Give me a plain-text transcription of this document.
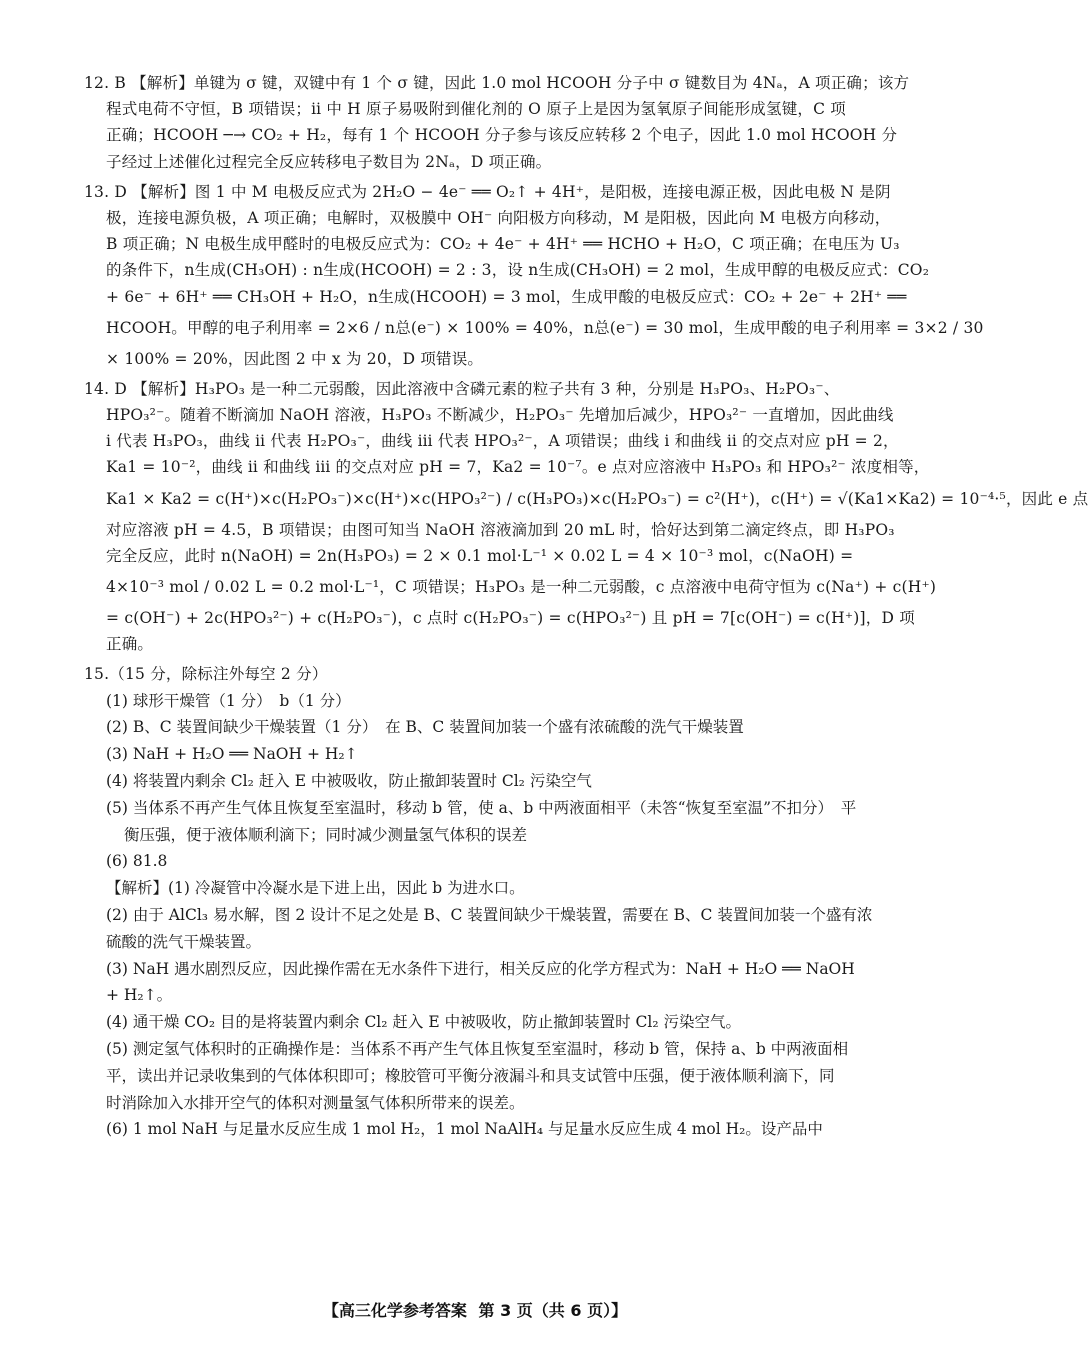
12. B 【解析】单键为 σ 键，双键中有 1 个 σ 键，因此 1.0 mol HCOOH 分子中 σ 键数目为 4Nₐ，A 项正确；该方
程式电荷不守恒，B 项错误；ⅱ 中 H 原子易吸附到催化剂的 O 原子上是因为氢氧原子间能形成氢键，C 项
正确；HCOOH ─→ CO₂ + H₂，每有 1 个 HCOOH 分子参与该反应转移 2 个电子，因此 1.0 mol HCOOH 分
子经过上述催化过程完全反应转移电子数目为 2Nₐ，D 项正确。
13. D 【解析】图 1 中 M 电极反应式为 2H₂O − 4e⁻ ══ O₂↑ + 4H⁺，是阳极，连接电源正极，因此电极 N 是阴
极，连接电源负极，A 项正确；电解时，双极膜中 OH⁻ 向阳极方向移动，M 是阳极，因此向 M 电极方向移动，
B 项正确；N 电极生成甲醛时的电极反应式为：CO₂ + 4e⁻ + 4H⁺ ══ HCHO + H₂O，C 项正确；在电压为 U₃
的条件下，n生成(CH₃OH) : n生成(HCOOH) = 2 : 3，设 n生成(CH₃OH) = 2 mol，生成甲醇的电极反应式：CO₂
+ 6e⁻ + 6H⁺ ══ CH₃OH + H₂O，n生成(HCOOH) = 3 mol，生成甲酸的电极反应式：CO₂ + 2e⁻ + 2H⁺ ══
HCOOH。甲醇的电子利用率 = 2×6 / n总(e⁻) × 100% = 40%，n总(e⁻) = 30 mol，生成甲酸的电子利用率 = 3×2 / 30
× 100% = 20%，因此图 2 中 x 为 20，D 项错误。
14. D 【解析】H₃PO₃ 是一种二元弱酸，因此溶液中含磷元素的粒子共有 3 种，分别是 H₃PO₃、H₂PO₃⁻、
HPO₃²⁻。随着不断滴加 NaOH 溶液，H₃PO₃ 不断减少，H₂PO₃⁻ 先增加后减少，HPO₃²⁻ 一直增加，因此曲线
ⅰ 代表 H₃PO₃，曲线 ⅱ 代表 H₂PO₃⁻，曲线 ⅲ 代表 HPO₃²⁻，A 项错误；曲线 ⅰ 和曲线 ⅱ 的交点对应 pH = 2，
Ka1 = 10⁻²，曲线 ⅱ 和曲线 ⅲ 的交点对应 pH = 7，Ka2 = 10⁻⁷。e 点对应溶液中 H₃PO₃ 和 HPO₃²⁻ 浓度相等，
Ka1 × Ka2 = c(H⁺)×c(H₂PO₃⁻)×c(H⁺)×c(HPO₃²⁻) / c(H₃PO₃)×c(H₂PO₃⁻) = c²(H⁺)，c(H⁺) = √(Ka1×Ka2) = 10⁻⁴·⁵，因此 e 点
对应溶液 pH = 4.5，B 项错误；由图可知当 NaOH 溶液滴加到 20 mL 时，恰好达到第二滴定终点，即 H₃PO₃
完全反应，此时 n(NaOH) = 2n(H₃PO₃) = 2 × 0.1 mol·L⁻¹ × 0.02 L = 4 × 10⁻³ mol，c(NaOH) =
4×10⁻³ mol / 0.02 L = 0.2 mol·L⁻¹，C 项错误；H₃PO₃ 是一种二元弱酸，c 点溶液中电荷守恒为 c(Na⁺) + c(H⁺)
= c(OH⁻) + 2c(HPO₃²⁻) + c(H₂PO₃⁻)，c 点时 c(H₂PO₃⁻) = c(HPO₃²⁻) 且 pH = 7[c(OH⁻) = c(H⁺)]，D 项
正确。
15.（15 分，除标注外每空 2 分）
(1) 球形干燥管（1 分）　b（1 分）
(2) B、C 装置间缺少干燥装置（1 分）　在 B、C 装置间加装一个盛有浓硫酸的洗气干燥装置
(3) NaH + H₂O ══ NaOH + H₂↑
(4) 将装置内剩余 Cl₂ 赶入 E 中被吸收，防止撤卸装置时 Cl₂ 污染空气
(5) 当体系不再产生气体且恢复至室温时，移动 b 管，使 a、b 中两液面相平（未答“恢复至室温”不扣分）　平
衡压强，便于液体顺利滴下；同时减少测量氢气体积的误差
(6) 81.8
【解析】(1) 冷凝管中冷凝水是下进上出，因此 b 为进水口。
(2) 由于 AlCl₃ 易水解，图 2 设计不足之处是 B、C 装置间缺少干燥装置，需要在 B、C 装置间加装一个盛有浓
硫酸的洗气干燥装置。
(3) NaH 遇水剧烈反应，因此操作需在无水条件下进行，相关反应的化学方程式为：NaH + H₂O ══ NaOH
+ H₂↑。
(4) 通干燥 CO₂ 目的是将装置内剩余 Cl₂ 赶入 E 中被吸收，防止撤卸装置时 Cl₂ 污染空气。
(5) 测定氢气体积时的正确操作是：当体系不再产生气体且恢复至室温时，移动 b 管，保持 a、b 中两液面相
平，读出并记录收集到的气体体积即可；橡胶管可平衡分液漏斗和具支试管中压强，便于液体顺利滴下，同
时消除加入水排开空气的体积对测量氢气体积所带来的误差。
(6) 1 mol NaH 与足量水反应生成 1 mol H₂，1 mol NaAlH₄ 与足量水反应生成 4 mol H₂。设产品中
【高三化学参考答案 第 3 页（共 6 页）】
